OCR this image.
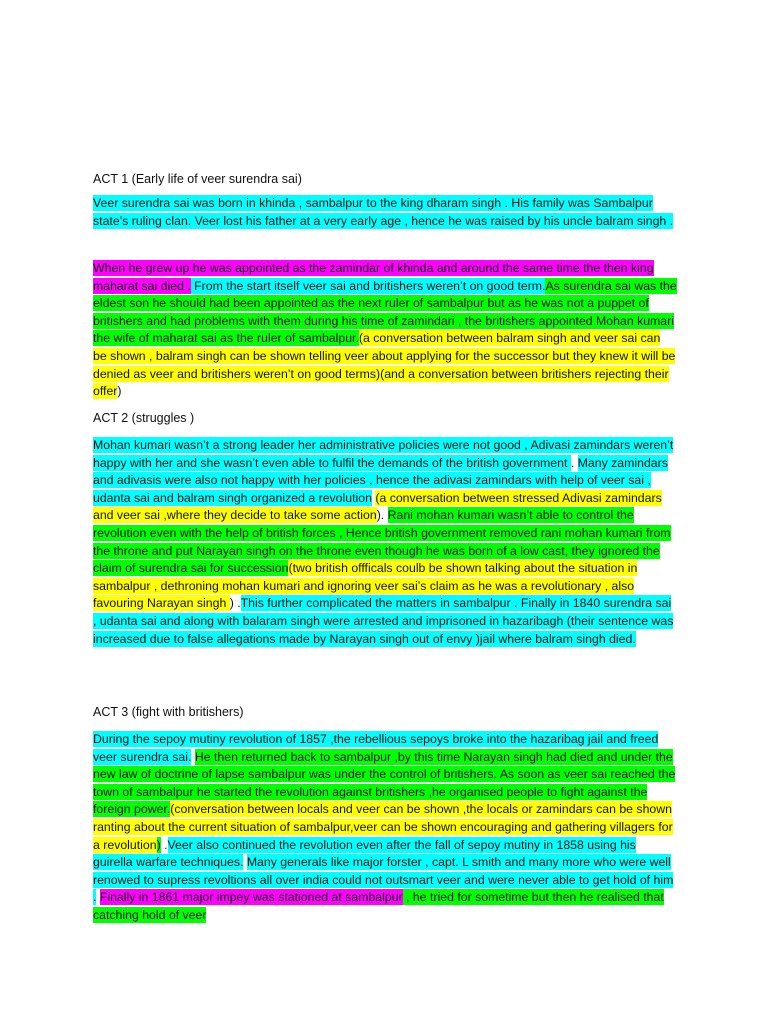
ACT 1 (Early life of veer surendra sai)

Veer surendra sai was born in khinda , sambalpur to the king dharam singh . His family was Sambalpur state’s ruling clan. Veer lost his father at a very early age , hence he was raised by his uncle balram singh .

When he grew up he was appointed as the zamindar of khinda and around the same time the then king maharat sai died . From the start itself veer sai and britishers weren’t on good term.As surendra sai was the eldest son he should had been appointed as the next ruler of sambalpur but as he was not a puppet of britishers and had problems with them during his time of zamindari , the britishers appointed Mohan kumari the wife of maharat sai as the ruler of sambalpur.(a conversation between balram singh and veer sai can be shown , balram singh can be shown telling veer about applying for the successor but they knew it will be denied as veer and britishers weren’t on good terms)(and a conversation between britishers rejecting their offer)

ACT 2 (struggles )

Mohan kumari wasn’t a strong leader her administrative policies were not good , Adivasi zamindars weren’t happy with her and she wasn’t even able to fulfil the demands of the british government . Many zamindars and adivasis were also not happy with her policies , hence the adivasi zamindars with help of veer sai , udanta sai and balram singh organized a revolution (a conversation between stressed Adivasi zamindars and veer sai ,where they decide to take some action). Rani mohan kumari wasn’t able to control the revolution even with the help of british forces , Hence british government removed rani mohan kumari from the throne and put Narayan singh on the throne even though he was born of a low cast, they ignored the claim of surendra sai for succession(two british offficals coulb be shown talking about the situation in sambalpur , dethroning mohan kumari and ignoring veer sai’s claim as he was a revolutionary , also favouring Narayan singh ) .This further complicated the matters in sambalpur . Finally in 1840 surendra sai , udanta sai and along with balaram singh were arrested and imprisoned in hazaribagh (their sentence was increased due to false allegations made by Narayan singh out of envy )jail where balram singh died.

ACT 3 (fight with britishers)

During the sepoy mutiny revolution of 1857 ,the rebellious sepoys broke into the hazaribag jail and freed veer surendra sai. He then returned back to sambalpur ,by this time Narayan singh had died and under the new law of doctrine of lapse sambalpur was under the control of britishers. As soon as veer sai reached the town of sambalpur he started the revolution against britishers ,he organised people to fight against the foreign power.(conversation between locals and veer can be shown ,the locals or zamindars can be shown ranting about the current situation of sambalpur,veer can be shown encouraging and gathering villagers for a revolution) .Veer also continued the revolution even after the fall of sepoy mutiny in 1858 using his guirella warfare techniques. Many generals like major forster , capt. L smith and many more who were well renowed to supress revoltions all over india could not outsmart veer and were never able to get hold of him . Finally in 1861 major impey was stationed at sambalpur , he tried for sometime but then he realised that catching hold of veer
